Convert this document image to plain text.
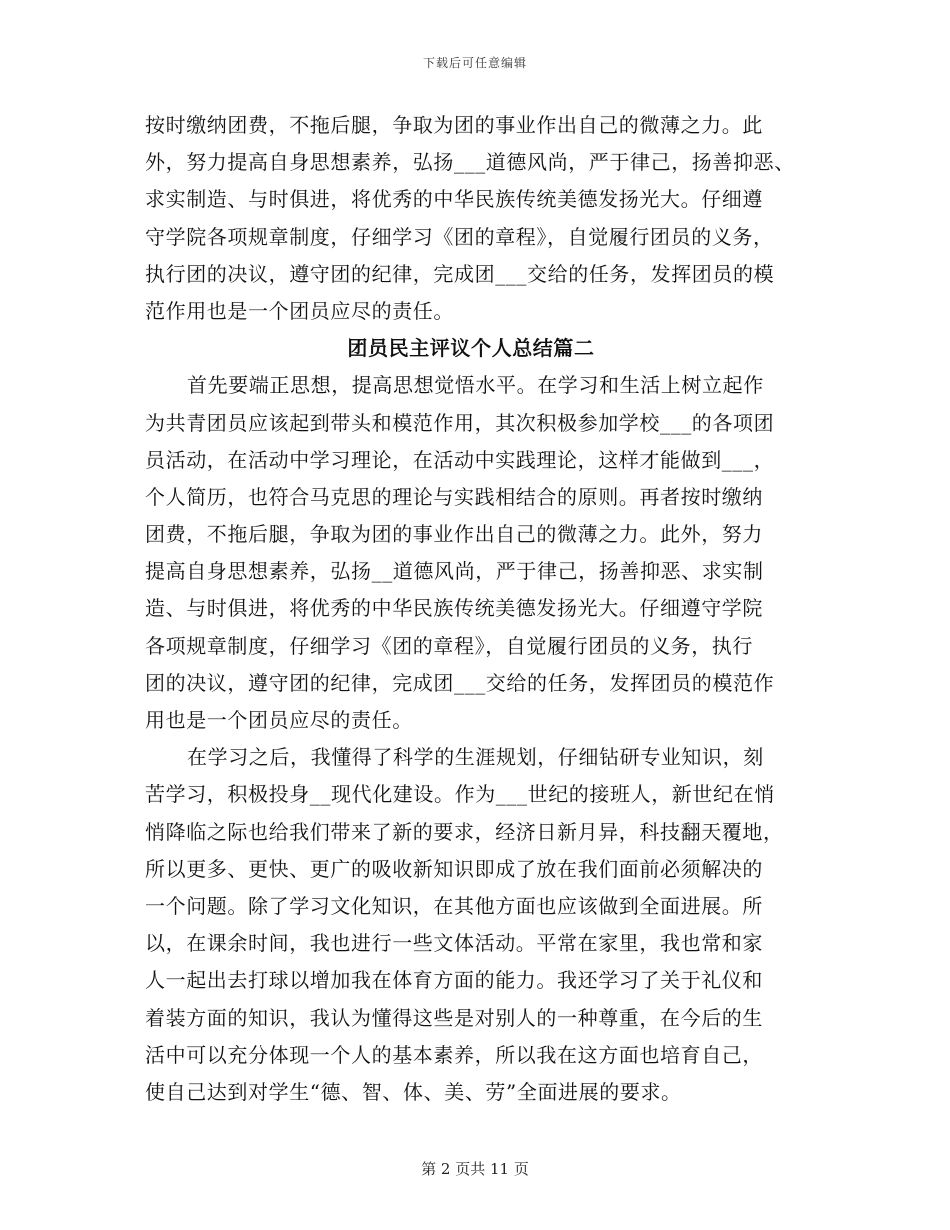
下载后可任意编辑
按时缴纳团费，不拖后腿，争取为团的事业作出自己的微薄之力。此
外，努力提高自身思想素养，弘扬___道德风尚，严于律己，扬善抑恶、
求实制造、与时俱进，将优秀的中华民族传统美德发扬光大。仔细遵
守学院各项规章制度，仔细学习《团的章程》，自觉履行团员的义务，
执行团的决议，遵守团的纪律，完成团___交给的任务，发挥团员的模
范作用也是一个团员应尽的责任。
团员民主评议个人总结篇二
首先要端正思想，提高思想觉悟水平。在学习和生活上树立起作
为共青团员应该起到带头和模范作用，其次积极参加学校___的各项团
员活动，在活动中学习理论，在活动中实践理论，这样才能做到___，
个人简历，也符合马克思的理论与实践相结合的原则。再者按时缴纳
团费，不拖后腿，争取为团的事业作出自己的微薄之力。此外，努力
提高自身思想素养，弘扬__道德风尚，严于律己，扬善抑恶、求实制
造、与时俱进，将优秀的中华民族传统美德发扬光大。仔细遵守学院
各项规章制度，仔细学习《团的章程》，自觉履行团员的义务，执行
团的决议，遵守团的纪律，完成团___交给的任务，发挥团员的模范作
用也是一个团员应尽的责任。
在学习之后，我懂得了科学的生涯规划，仔细钻研专业知识，刻
苦学习，积极投身__现代化建设。作为___世纪的接班人，新世纪在悄
悄降临之际也给我们带来了新的要求，经济日新月异，科技翻天覆地，
所以更多、更快、更广的吸收新知识即成了放在我们面前必须解决的
一个问题。除了学习文化知识，在其他方面也应该做到全面进展。所
以，在课余时间，我也进行一些文体活动。平常在家里，我也常和家
人一起出去打球以增加我在体育方面的能力。我还学习了关于礼仪和
着装方面的知识，我认为懂得这些是对别人的一种尊重，在今后的生
活中可以充分体现一个人的基本素养，所以我在这方面也培育自己，
使自己达到对学生“德、智、体、美、劳”全面进展的要求。
第 2 页共 11 页
